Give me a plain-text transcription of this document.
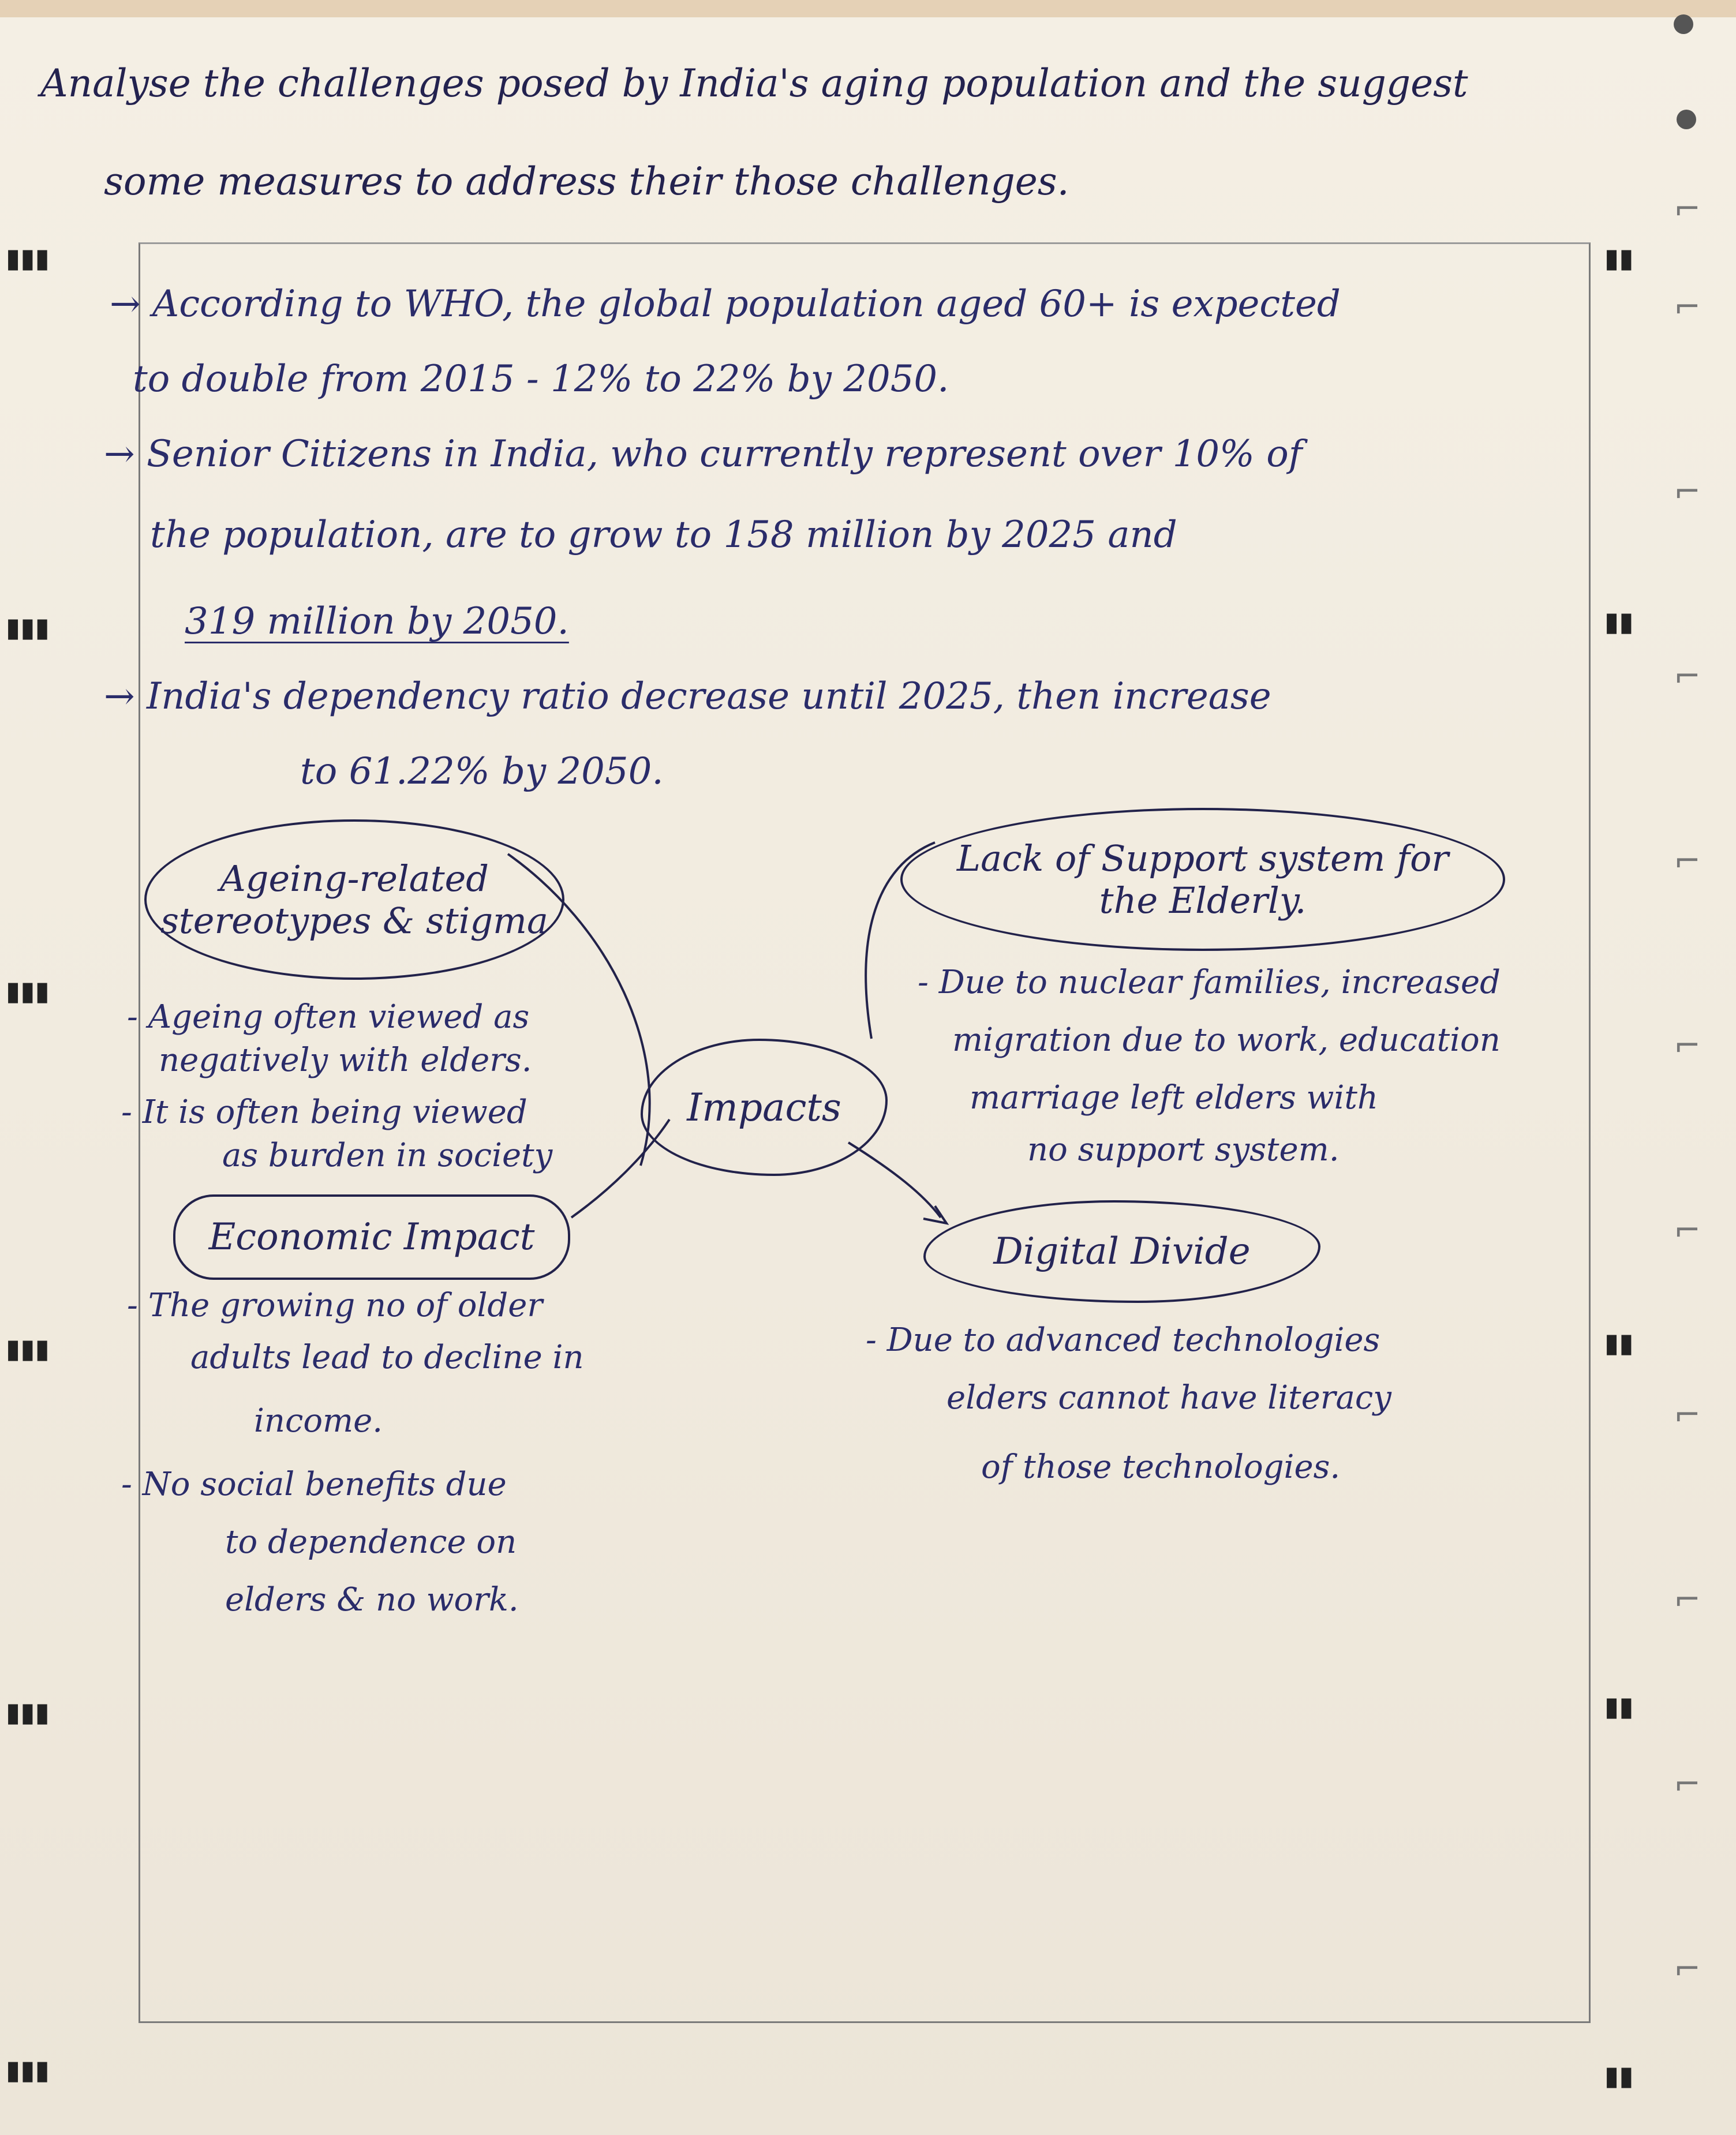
Analyse the challenges posed by India's aging population and the suggest
some measures to address their those challenges.
▮▮▮
▮▮▮
▮▮▮
▮▮▮
▮▮▮
▮▮▮
▮▮
▮▮
▮▮
▮▮
▮▮
⌐
⌐
⌐
⌐
⌐
⌐
⌐
⌐
⌐
⌐
⌐
→ According to WHO, the global population aged 60+ is expected
to double from 2015 - 12% to 22% by 2050.
→ Senior Citizens in India, who currently represent over 10% of
the population, are to grow to 158 million by 2025 and
319 million by 2050.
→ India's dependency ratio decrease until 2025, then increase
to 61.22% by 2050.
Ageing-related
stereotypes & stigma
- Ageing often viewed as
negatively with elders.
- It is often being viewed
as burden in society
Impacts
Economic Impact
- The growing no of older
adults lead to decline in
income.
- No social benefits due
to dependence on
elders & no work.
Lack of Support system for
the Elderly.
- Due to nuclear families, increased
migration due to work, education
marriage left elders with
no support system.
Digital Divide
- Due to advanced technologies
elders cannot have literacy
of those technologies.
